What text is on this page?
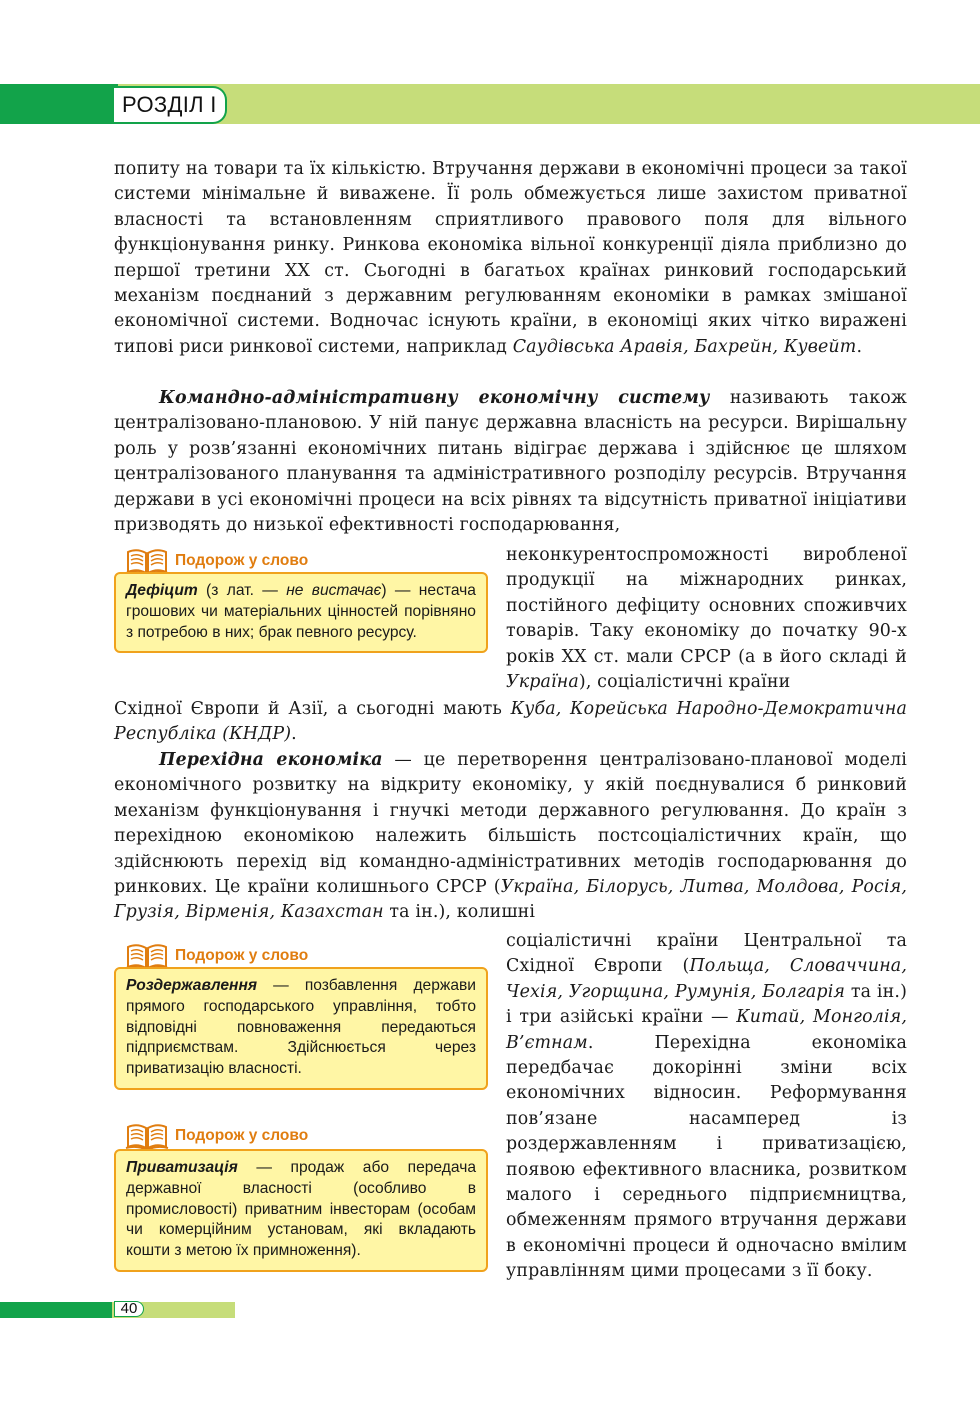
РОЗДІЛ І

попиту на товари та їх кількістю. Втручання держави в економічні процеси за такої системи мінімальне й виважене. Її роль обмежується лише захистом приватної власності та встановленням сприятливого правового поля для вільного функціонування ринку. Ринкова економіка вільної конкуренції діяла приблизно до першої третини XX ст. Сьогодні в багатьох країнах ринковий господарський механізм поєднаний з державним регулюванням економіки в рамках змішаної економічної системи. Водночас існують країни, в економіці яких чітко виражені типові риси ринкової системи, наприклад Саудівська Аравія, Бахрейн, Кувейт.

Командно-адміністративну економічну систему називають також централізовано-плановою. У ній панує державна власність на ресурси. Вирішальну роль у розв’язанні економічних питань відіграє держава і здійснює це шляхом централізованого планування та адміністративного розподілу ресурсів. Втручання держави в усі економічні процеси на всіх рівнях та відсутність приватної ініціативи призводять до низької ефективності господарювання,

Подорож у слово
Дефіцит (з лат. — не вистачає) — нестача грошових чи матеріальних цінностей порівняно з потребою в них; брак певного ресурсу.

неконкурентоспроможності виробленої продукції на міжнародних ринках, постійного дефіциту основних споживчих товарів. Таку економіку до початку 90-х років XX ст. мали СРСР (а в його складі й Україна), соціалістичні країни

Східної Європи й Азії, а сьогодні мають Куба, Корейська Народно-Демократична Республіка (КНДР).

Перехідна економіка — це перетворення централізовано-планової моделі економічного розвитку на відкриту економіку, у якій поєднувалися б ринковий механізм функціонування і гнучкі методи державного регулювання. До країн з перехідною економікою належить більшість постсоціалістичних країн, що здійснюють перехід від командно-адміністративних методів господарювання до ринкових. Це країни колишнього СРСР (Україна, Білорусь, Литва, Молдова, Росія, Грузія, Вірменія, Казахстан та ін.), колишні

соціалістичні країни Центральної та Східної Європи (Польща, Словаччина, Чехія, Угорщина, Румунія, Болгарія та ін.) і три азійські країни — Китай, Монголія, В’єтнам. Перехідна економіка передбачає докорінні зміни всіх економічних відносин. Реформування пов’язане насамперед із роздержавленням і приватизацією, появою ефективного власника, розвитком малого і середнього підприємництва, обмеженням прямого втручання держави в економічні процеси й одночасно вмілим управлінням цими процесами з її боку.

Подорож у слово
Роздержавлення — позбавлення держави прямого господарського управління, тобто відповідні повноваження передаються підприємствам. Здійснюється через приватизацію власності.
Подорож у слово
Приватизація — продаж або передача державної власності (особливо в промисловості) приватним інвесторам (особам чи комерційним установам, які вкладають кошти з метою їх примноження).
40
